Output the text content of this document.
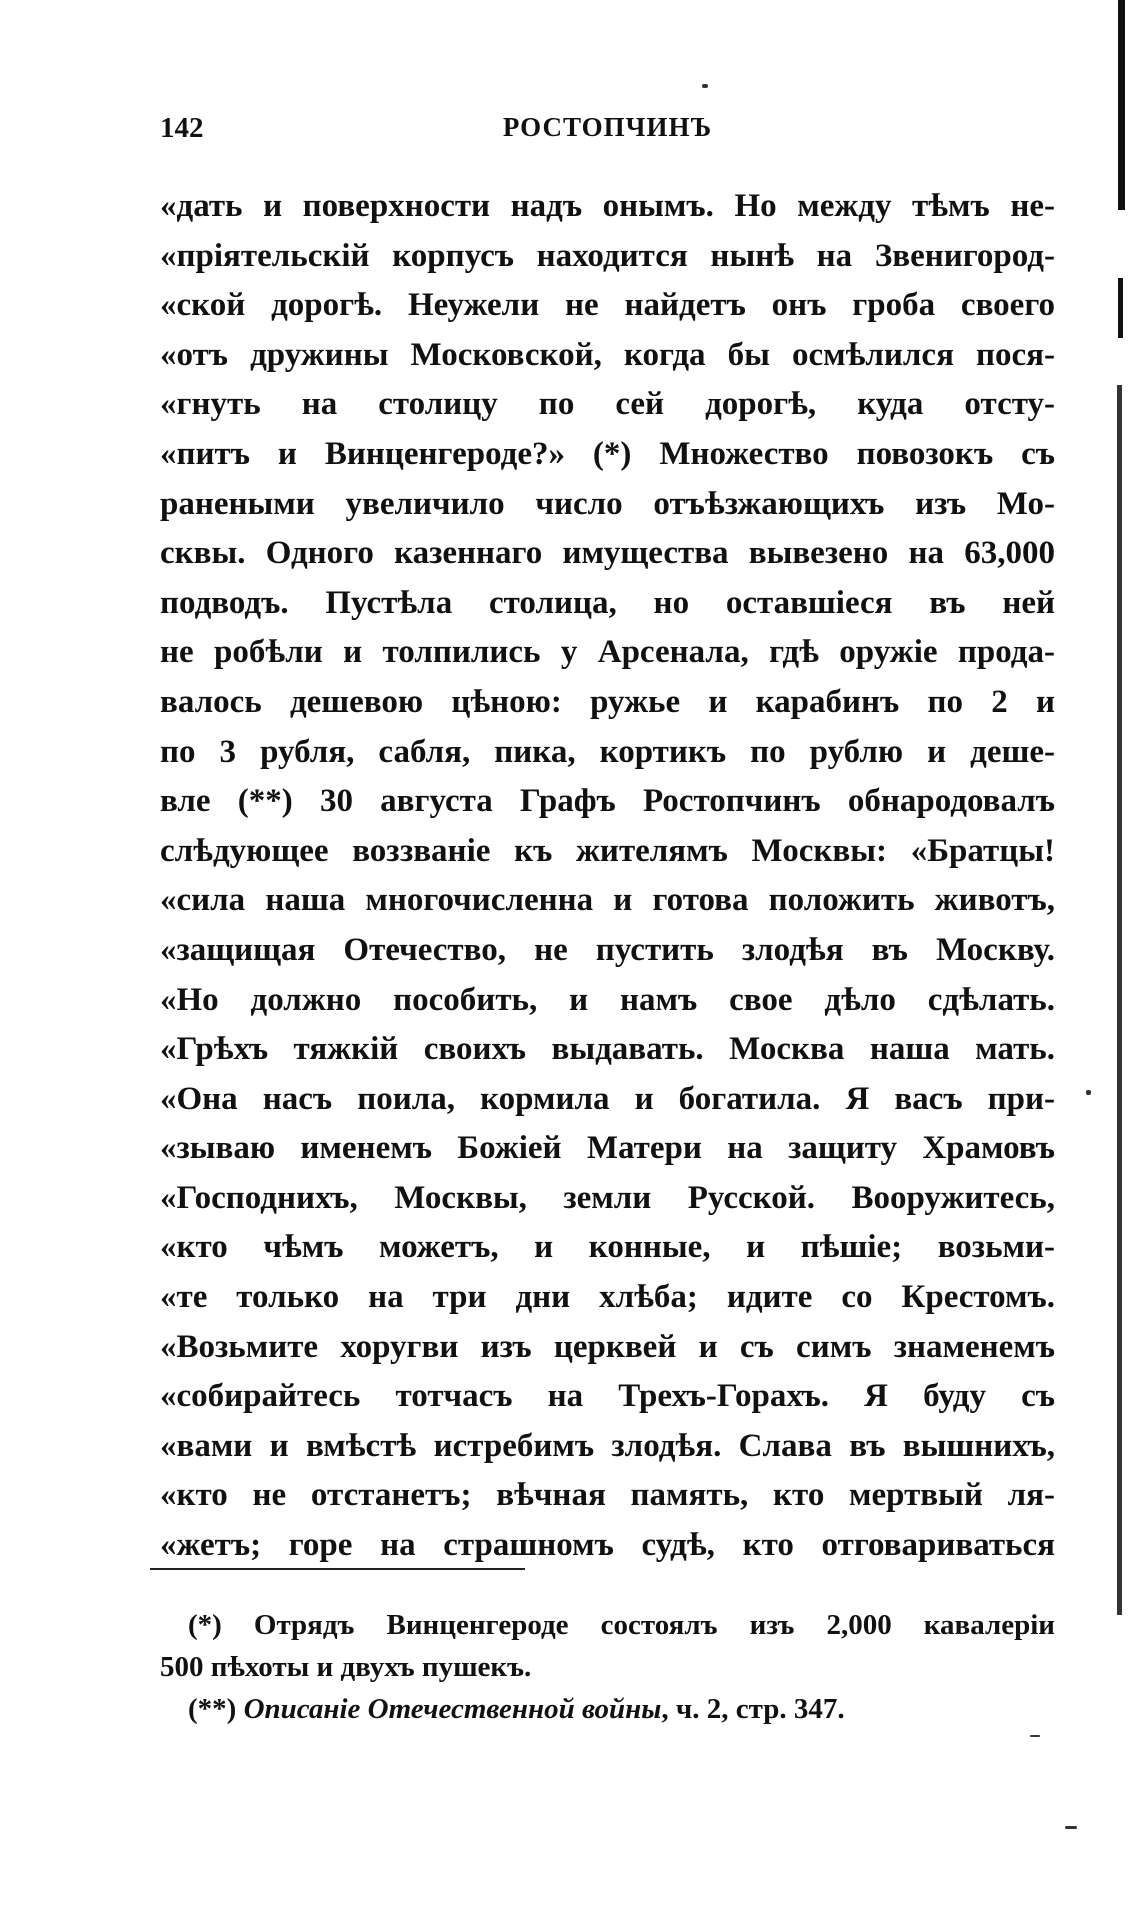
142	РОСТОПЧИНЪ
«дать и поверхности надъ онымъ. Но между тѣмъ не-
«пріятельскій корпусъ находится нынѣ на Звенигород-
«ской дорогѣ. Неужели не найдетъ онъ гроба своего
«отъ дружины Московской, когда бы осмѣлился пося-
«гнуть на столицу по сей дорогѣ, куда отсту-
«питъ и Винценгероде?» (*) Множество повозокъ съ
ранеными увеличило число отъѣзжающихъ изъ Мо-
сквы. Одного казеннаго имущества вывезено на 63,000
подводъ. Пустѣла столица, но оставшіеся въ ней
не робѣли и толпились у Арсенала, гдѣ оружіе прода-
валось дешевою цѣною: ружье и карабинъ по 2 и
по 3 рубля, сабля, пика, кортикъ по рублю и деше-
вле (**) 30 августа Графъ Ростопчинъ обнародовалъ
слѣдующее воззваніе къ жителямъ Москвы: «Братцы!
«сила наша многочисленна и готова положить животъ,
«защищая Отечество, не пустить злодѣя въ Москву.
«Но должно пособить, и намъ свое дѣло сдѣлать.
«Грѣхъ тяжкій своихъ выдавать. Москва наша мать.
«Она насъ поила, кормила и богатила. Я васъ при-
«зываю именемъ Божіей Матери на защиту Храмовъ
«Господнихъ, Москвы, земли Русской. Вооружитесь,
«кто чѣмъ можетъ, и конные, и пѣшіе; возьми-
«те только на три дни хлѣба; идите со Крестомъ.
«Возьмите хоругви изъ церквей и съ симъ знаменемъ
«собирайтесь тотчасъ на Трехъ-Горахъ. Я буду съ
«вами и вмѣстѣ истребимъ злодѣя. Слава въ вышнихъ,
«кто не отстанетъ; вѣчная память, кто мертвый ля-
«жетъ; горе на страшномъ судѣ, кто отговариваться
(*) Отрядъ Винценгероде состоялъ изъ 2,000 кавалеріи
500 пѣхоты и двухъ пушекъ.
(**) Описаніе Отечественной войны, ч. 2, стр. 347.
